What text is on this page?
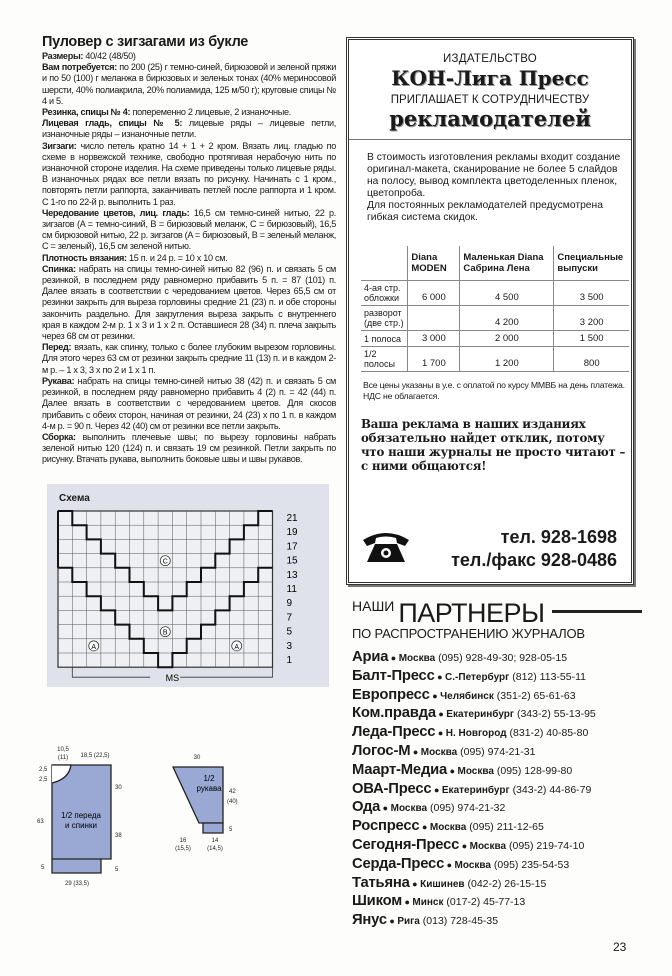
Пуловер с зигзагами из букле
Размеры: 40/42 (48/50)
Вам потребуется: по 200 (25) г темно-синей, бирюзовой и зеленой пряжи и по 50 (100) г меланжа в бирюзовых и зеленых тонах (40% мериносовой шерсти, 40% полиакрила, 20% полиамида, 125 м/50 г); круговые спицы № 4 и 5.
Резинка, спицы № 4: попеременно 2 лицевые, 2 изнаночные.
Лицевая гладь, спицы № 5: лицевые ряды – лицевые петли, изнаночные ряды – изнаночные петли.
Зигзаги: число петель кратно 14 + 1 + 2 кром. Вязать лиц. гладью по схеме в норвежской технике, свободно протягивая нерабочую нить по изнаночной стороне изделия. На схеме приведены только лицевые ряды. В изнаночных рядах все петли вязать по рисунку. Начинать с 1 кром., повторять петли раппорта, заканчивать петлей после раппорта и 1 кром. С 1-го по 22-й р. выполнить 1 раз.
Чередование цветов, лиц. гладь: 16,5 см темно-синей нитью, 22 р. зигзагов (A = темно-синий, B = бирюзовый меланж, C = бирюзовый), 16,5 см бирюзовой нитью, 22 р. зигзагов (A = бирюзовый, B = зеленый меланж, C = зеленый), 16,5 см зеленой нитью.
Плотность вязания: 15 п. и 24 р. = 10 х 10 см.
Спинка: набрать на спицы темно-синей нитью 82 (96) п. и связать 5 см резинкой, в последнем ряду равномерно прибавить 5 п. = 87 (101) п. Далее вязать в соответствии с чередованием цветов. Через 65,5 см от резинки закрыть для выреза горловины средние 21 (23) п. и обе стороны закончить раздельно. Для закругления выреза закрыть с внутреннего края в каждом 2-м р. 1 х 3 и 1 х 2 п. Оставшиеся 28 (34) п. плеча закрыть через 68 см от резинки.
Перед: вязать, как спинку, только с более глубоким вырезом горловины. Для этого через 63 см от резинки закрыть средние 11 (13) п. и в каждом 2-м р. – 1 х 3, 3 х по 2 и 1 х 1 п.
Рукава: набрать на спицы темно-синей нитью 38 (42) п. и связать 5 см резинкой, в последнем ряду равномерно прибавить 4 (2) п. = 42 (44) п. Далее вязать в соответствии с чередованием цветов. Для скосов прибавить с обеих сторон, начиная от резинки, 24 (23) х по 1 п. в каждом 4-м р. = 90 п. Через 42 (40) см от резинки все петли закрыть.
Сборка: выполнить плечевые швы; по вырезу горловины набрать зеленой нитью 120 (124) п. и связать 19 см резинкой. Петли закрыть по рисунку. Втачать рукава, выполнить боковые швы и швы рукавов.
Схема
21
19
17
15
13
11
9
7
5
3
1
C
B
A	A
MS
1/2 переда
и спинки
10,5
(11) 18,5 (22,5)
2,5
2,5
63
30
38
5	5
29 (33,5)
1/2
рукава
30
42
(40)
5
16
(15,5)
14
(14,5)
ИЗДАТЕЛЬСТВО
КОН-Лига Пресс
ПРИГЛАШАЕТ К СОТРУДНИЧЕСТВУ
рекламодателей
В стоимость изготовления рекламы входит создание оригинал-макета, сканирование не более 5 слайдов на полосу, вывод комплекта цветоделенных пленок, цветопроба.
Для постоянных рекламодателей предусмотрена гибкая система скидок.
	Diana MODEN	Маленькая Diana Сабрина Лена	Специальные выпуски
4-ая стр. обложки	6 000	4 500	3 500
разворот (две стр.)		4 200	3 200
1 полоса	3 000	2 000	1 500
1/2 полосы	1 700	1 200	800
Все цены указаны в у.е. с оплатой по курсу ММВБ на день платежа. НДС не облагается.
Ваша реклама в наших изданиях обязательно найдет отклик, потому что наши журналы не просто читают – с ними общаются!
тел. 928-1698
тел./факс 928-0486
НАШИ ПАРТНЕРЫ
ПО РАСПРОСТРАНЕНИЮ ЖУРНАЛОВ
Ариа ● Москва (095) 928-49-30; 928-05-15
Балт-Пресс ● С.-Петербург (812) 113-55-11
Европресс ● Челябинск (351-2) 65-61-63
Ком.правда ● Екатеринбург (343-2) 55-13-95
Леда-Пресс ● Н. Новгород (831-2) 40-85-80
Логос-М ● Москва (095) 974-21-31
Маарт-Медиа ● Москва (095) 128-99-80
ОВА-Пресс ● Екатеринбург (343-2) 44-86-79
Ода ● Москва (095) 974-21-32
Роспресс ● Москва (095) 211-12-65
Сегодня-Пресс ● Москва (095) 219-74-10
Серда-Пресс ● Москва (095) 235-54-53
Татьяна ● Кишинев (042-2) 26-15-15
Шиком ● Минск (017-2) 45-77-13
Янус ● Рига (013) 728-45-35
23
